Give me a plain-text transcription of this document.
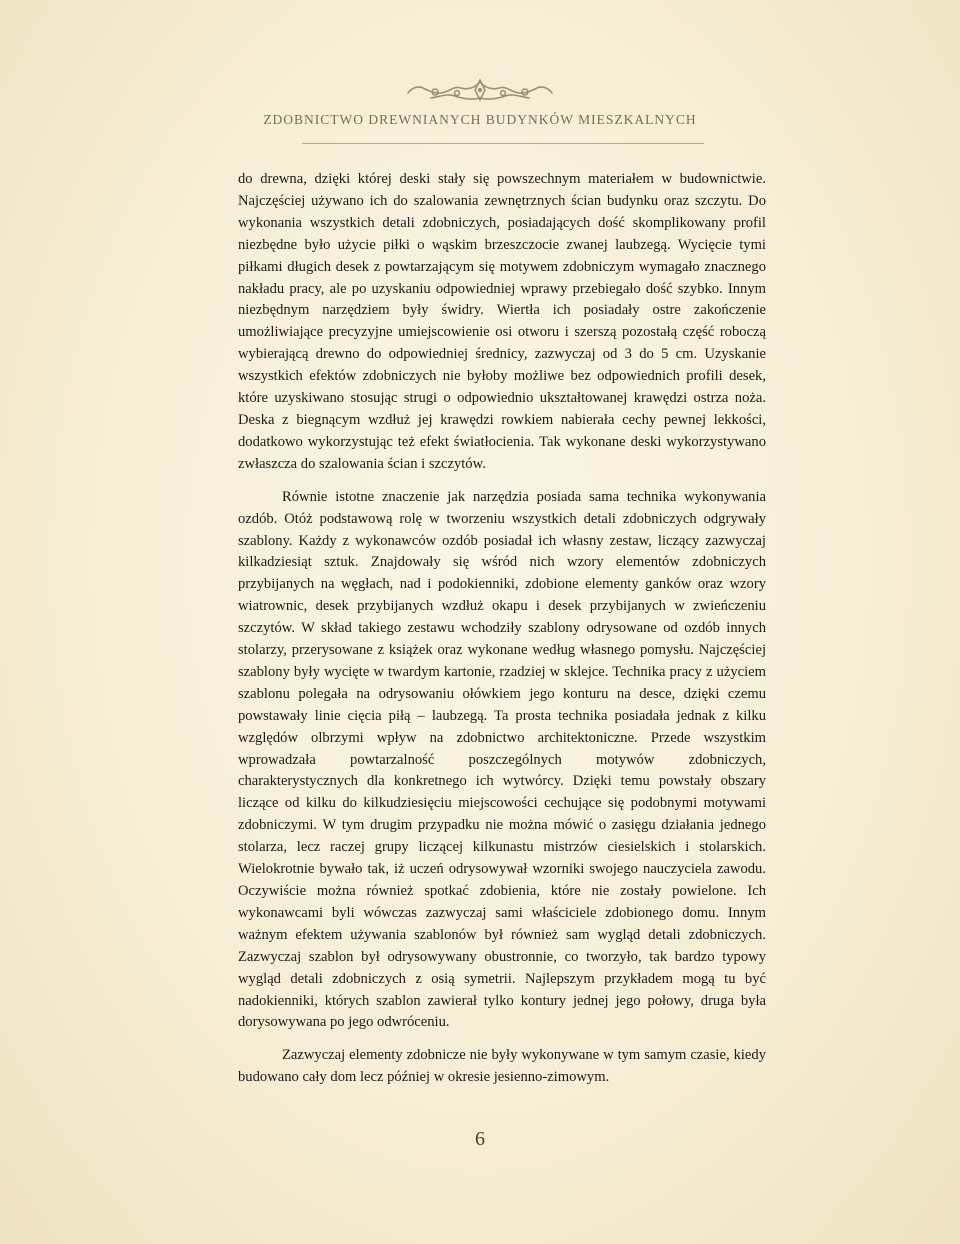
ZDOBNICTWO DREWNIANYCH BUDYNKÓW MIESZKALNYCH

do drewna, dzięki której deski stały się powszechnym materiałem w budownictwie. Najczęściej używano ich do szalowania zewnętrznych ścian budynku oraz szczytu. Do wykonania wszystkich detali zdobniczych, posiadających dość skomplikowany profil niezbędne było użycie piłki o wąskim brzeszczocie zwanej laubzegą. Wycięcie tymi piłkami długich desek z powtarzającym się motywem zdobniczym wymagało znacznego nakładu pracy, ale po uzyskaniu odpowiedniej wprawy przebiegało dość szybko. Innym niezbędnym narzędziem były świdry. Wiertła ich posiadały ostre zakończenie umożliwiające precyzyjne umiejscowienie osi otworu i szerszą pozostałą część roboczą wybierającą drewno do odpowiedniej średnicy, zazwyczaj od 3 do 5 cm. Uzyskanie wszystkich efektów zdobniczych nie byłoby możliwe bez odpowiednich profili desek, które uzyskiwano stosując strugi o odpowiednio ukształtowanej krawędzi ostrza noża. Deska z biegnącym wzdłuż jej krawędzi rowkiem nabierała cechy pewnej lekkości, dodatkowo wykorzystując też efekt światłocienia. Tak wykonane deski wykorzystywano zwłaszcza do szalowania ścian i szczytów.

Równie istotne znaczenie jak narzędzia posiada sama technika wykonywania ozdób. Otóż podstawową rolę w tworzeniu wszystkich detali zdobniczych odgrywały szablony. Każdy z wykonawców ozdób posiadał ich własny zestaw, liczący zazwyczaj kilkadziesiąt sztuk. Znajdowały się wśród nich wzory elementów zdobniczych przybijanych na węgłach, nad i podokienniki, zdobione elementy ganków oraz wzory wiatrownic, desek przybijanych wzdłuż okapu i desek przybijanych w zwieńczeniu szczytów. W skład takiego zestawu wchodziły szablony odrysowane od ozdób innych stolarzy, przerysowane z książek oraz wykonane według własnego pomysłu. Najczęściej szablony były wycięte w twardym kartonie, rzadziej w sklejce. Technika pracy z użyciem szablonu polegała na odrysowaniu ołówkiem jego konturu na desce, dzięki czemu powstawały linie cięcia piłą – laubzegą. Ta prosta technika posiadała jednak z kilku względów olbrzymi wpływ na zdobnictwo architektoniczne. Przede wszystkim wprowadzała powtarzalność poszczególnych motywów zdobniczych, charakterystycznych dla konkretnego ich wytwórcy. Dzięki temu powstały obszary liczące od kilku do kilkudziesięciu miejscowości cechujące się podobnymi motywami zdobniczymi. W tym drugim przypadku nie można mówić o zasięgu działania jednego stolarza, lecz raczej grupy liczącej kilkunastu mistrzów ciesielskich i stolarskich. Wielokrotnie bywało tak, iż uczeń odrysowywał wzorniki swojego nauczyciela zawodu. Oczywiście można również spotkać zdobienia, które nie zostały powielone. Ich wykonawcami byli wówczas zazwyczaj sami właściciele zdobionego domu. Innym ważnym efektem używania szablonów był również sam wygląd detali zdobniczych. Zazwyczaj szablon był odrysowywany obustronnie, co tworzyło, tak bardzo typowy wygląd detali zdobniczych z osią symetrii. Najlepszym przykładem mogą tu być nadokienniki, których szablon zawierał tylko kontury jednej jego połowy, druga była dorysowywana po jego odwróceniu.

Zazwyczaj elementy zdobnicze nie były wykonywane w tym samym czasie, kiedy budowano cały dom lecz później w okresie jesienno-zimowym.

6
